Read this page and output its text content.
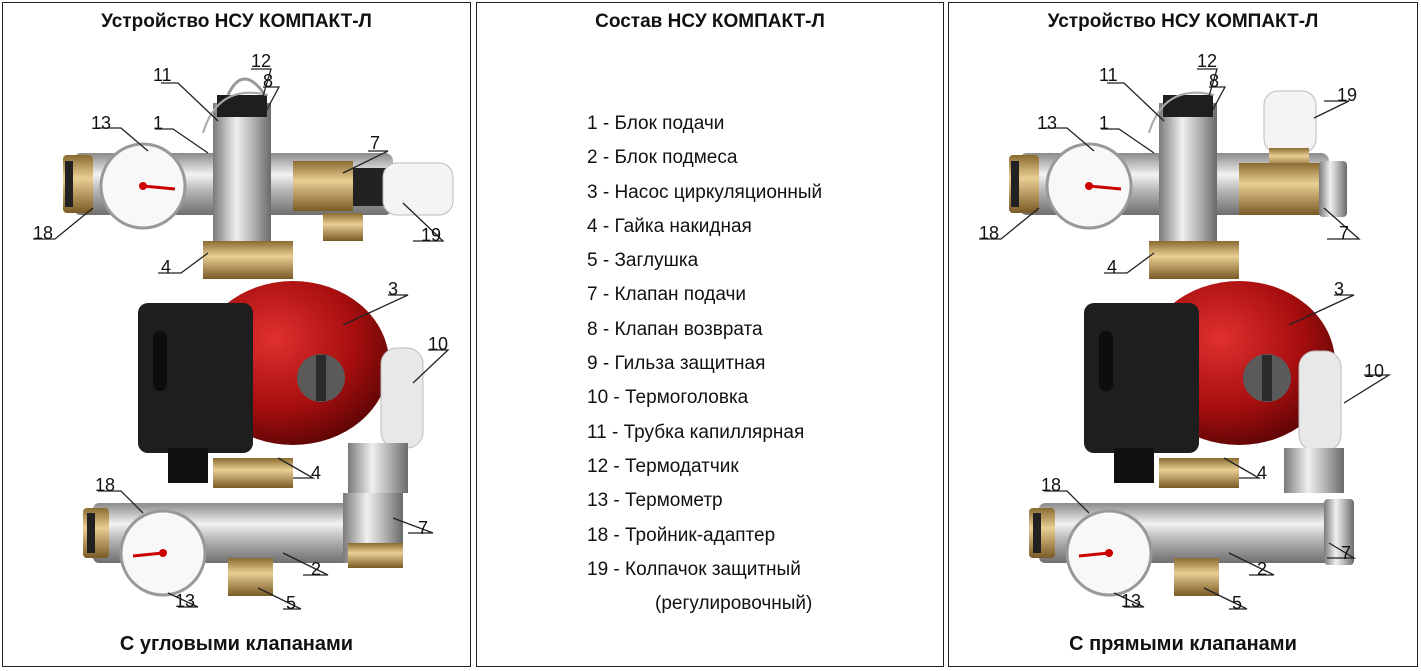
Устройство НСУ КОМПАКТ-Л
11
12
8
13 1
7
18	19
4
3
10
4
18
7
2
13	5
С угловыми клапанами
Состав НСУ КОМПАКТ-Л
1 - Блок подачи
2 - Блок подмеса
3 - Насос циркуляционный
4 - Гайка накидная
5 - Заглушка
7 - Клапан подачи
8 - Клапан возврата
9 - Гильза защитная
10 - Термоголовка
11 - Трубка капиллярная
12 - Термодатчик
13 - Термометр
18 - Тройник-адаптер
19 - Колпачок защитный
(регулировочный)
Устройство НСУ КОМПАКТ-Л
11
12
8
13 1
19
18	7
4
3
10
4
18
7
2
13	5
С прямыми клапанами
